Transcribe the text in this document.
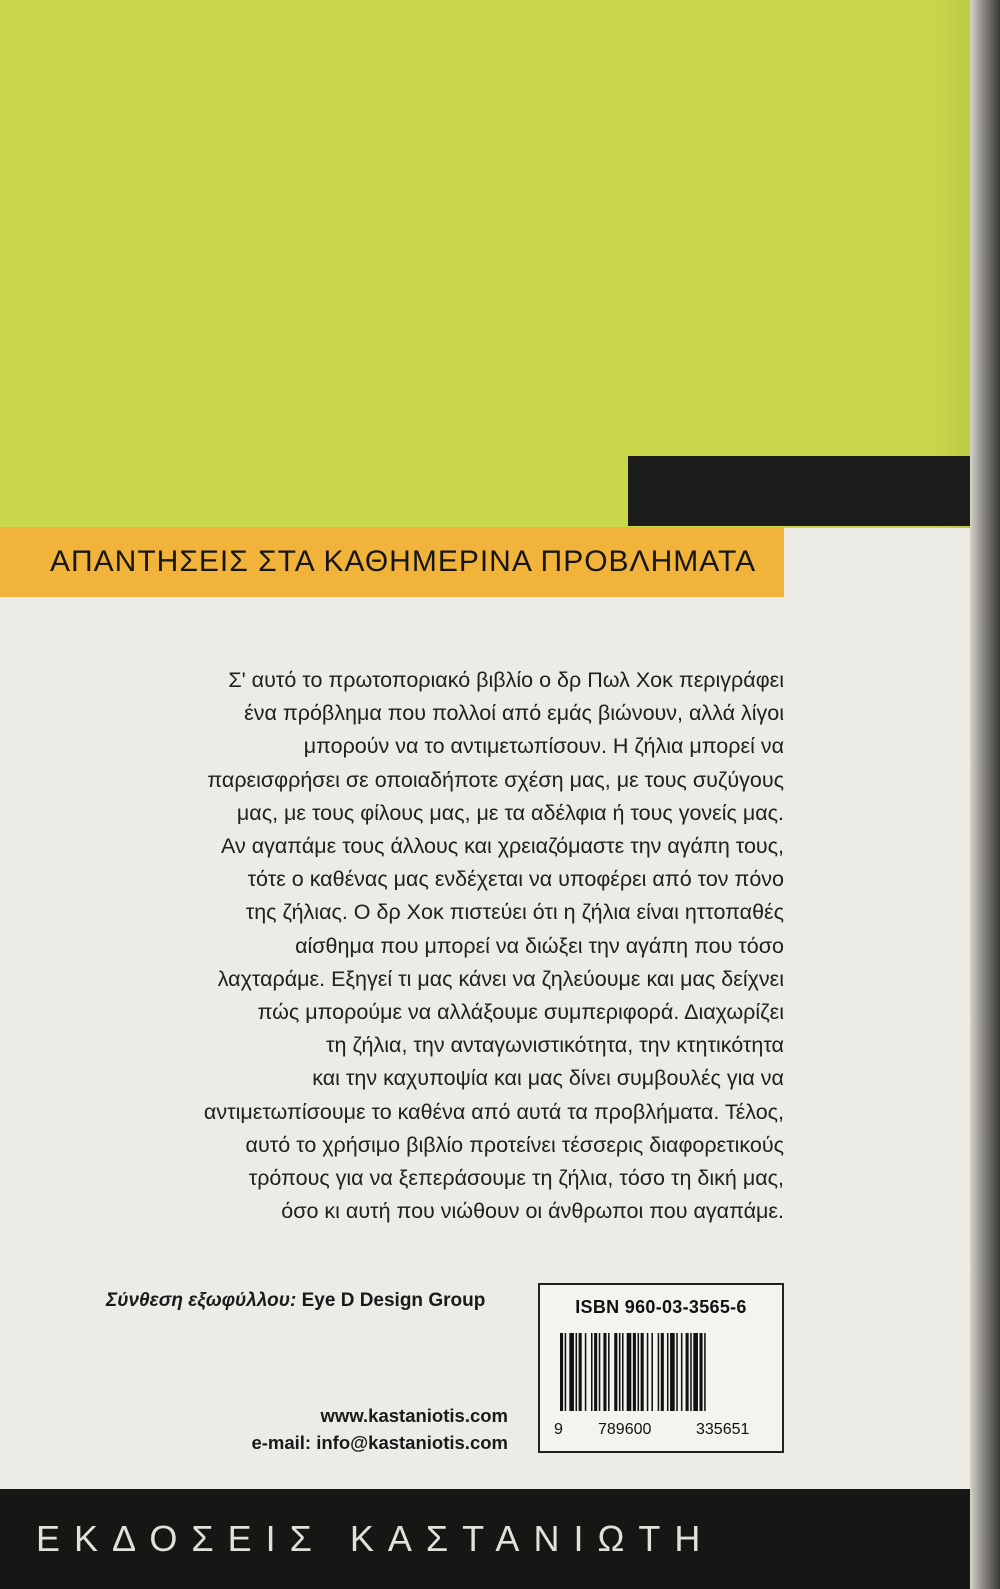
ΑΠΑΝΤΗΣΕΙΣ ΣΤΑ ΚΑΘΗΜΕΡΙΝΑ ΠΡΟΒΛΗΜΑΤΑ

Σ' αυτό το πρωτοποριακό βιβλίο ο δρ Πωλ Χοκ περιγράφει

ένα πρόβλημα που πολλοί από εμάς βιώνουν, αλλά λίγοι

μπορούν να το αντιμετωπίσουν. Η ζήλια μπορεί να

παρεισφρήσει σε οποιαδήποτε σχέση μας, με τους συζύγους

μας, με τους φίλους μας, με τα αδέλφια ή τους γονείς μας.

Αν αγαπάμε τους άλλους και χρειαζόμαστε την αγάπη τους,

τότε ο καθένας μας ενδέχεται να υποφέρει από τον πόνο

της ζήλιας. Ο δρ Χοκ πιστεύει ότι η ζήλια είναι ηττοπαθές

αίσθημα που μπορεί να διώξει την αγάπη που τόσο

λαχταράμε. Εξηγεί τι μας κάνει να ζηλεύουμε και μας δείχνει

πώς μπορούμε να αλλάξουμε συμπεριφορά. Διαχωρίζει

τη ζήλια, την ανταγωνιστικότητα, την κτητικότητα

και την καχυποψία και μας δίνει συμβουλές για να

αντιμετωπίσουμε το καθένα από αυτά τα προβλήματα. Τέλος,

αυτό το χρήσιμο βιβλίο προτείνει τέσσερις διαφορετικούς

τρόπους για να ξεπεράσουμε τη ζήλια, τόσο τη δική μας,

όσο κι αυτή που νιώθουν οι άνθρωποι που αγαπάμε.

Σύνθεση εξωφύλλου: Eye D Design Group
www.kastaniotis.com
e-mail: info@kastaniotis.com
ISBN 960-03-3565-6
9 789600	335651
ΕΚΔΟΣΕΙΣ ΚΑΣΤΑΝΙΩΤΗ
